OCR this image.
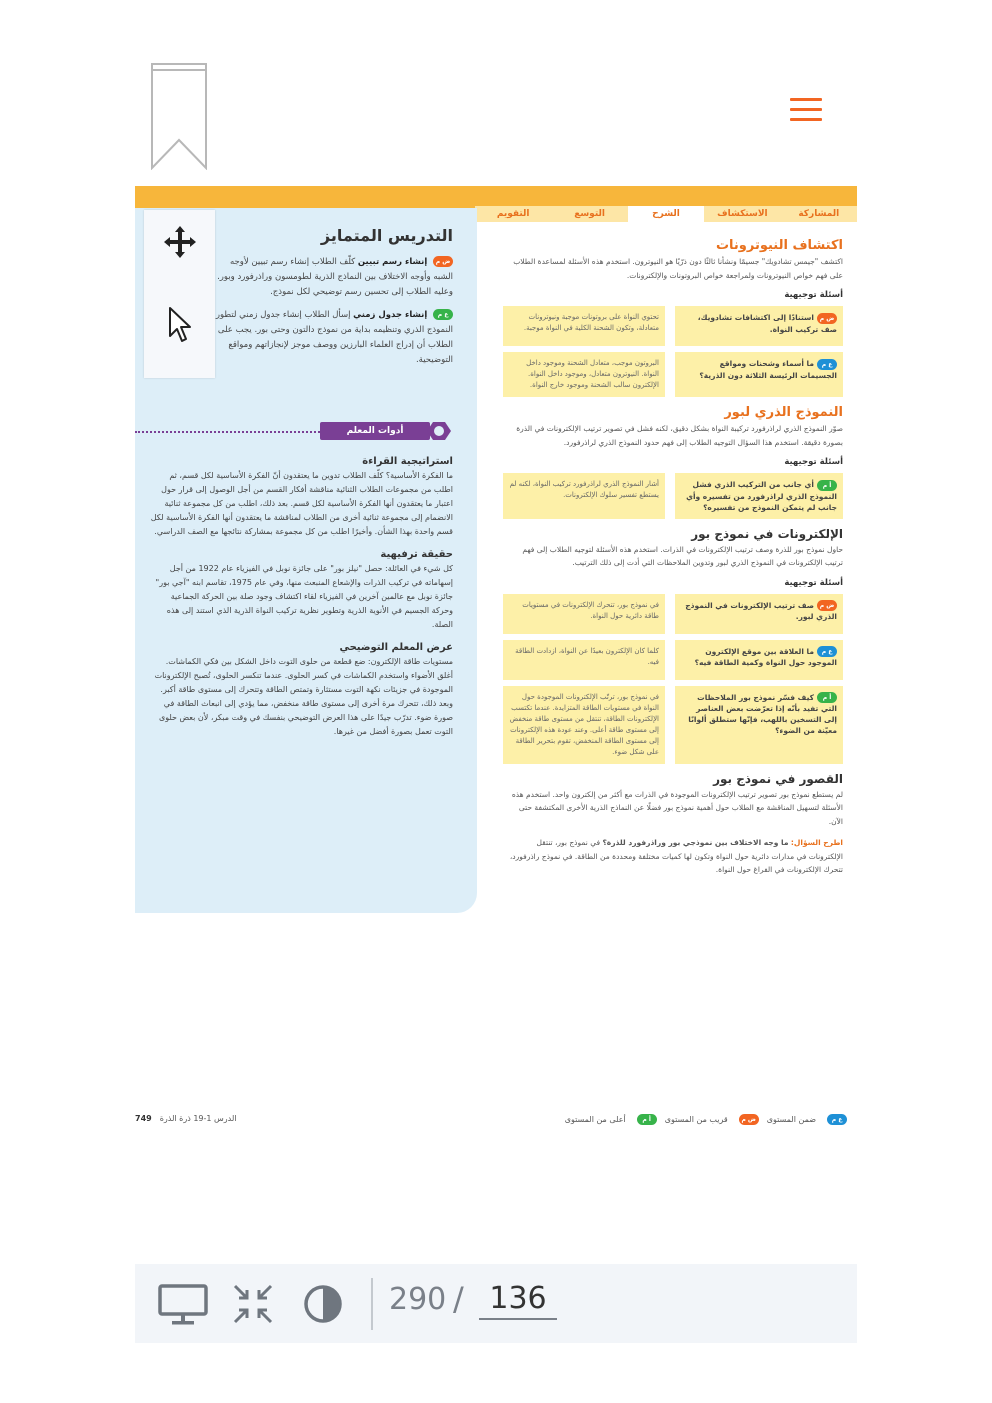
المشاركة
الاستكشاف
الشرح
التوسع
التقويم
التدريس المتمايز
ض م إنشاء رسم تبيين كلّف الطلاب إنشاء رسم تبيين لأوجه الشبه وأوجه الاختلاف بين النماذج الذرية لطومسون وراذرفورد وبور. وعليه الطلاب إلى تحسين رسم توضيحي لكل نموذج.
ع م إنشاء جدول زمني إسأل الطلاب إنشاء جدول زمني لتطور النموذج الذري وتنظيمه بداية من نموذج دالتون وحتى بور. يجب على الطلاب أن إدراج العلماء البارزين ووصف موجز لإنجازاتهم ومواقع التوضيحية.
أدوات المعلم
استراتيجية القراءة
ما الفكرة الأساسية؟ كلّف الطلاب تدوين ما يعتقدون أنّ الفكرة الأساسية لكل قسم، ثم اطلب من مجموعات الطلاب الثنائية مناقشة أفكار القسم من أجل الوصول إلى قرار حول اعتبار ما يعتقدون أنها الفكرة الأساسية لكل قسم. بعد ذلك، اطلب من كل مجموعة ثنائية الانضمام إلى مجموعة ثنائية أخرى من الطلاب لمناقشة ما يعتقدون أنها الفكرة الأساسية لكل قسم واحدة بهذا الشأن. وأخيرًا اطلب من كل مجموعة بمشاركة نتائجها مع الصف الدراسي.
حقيقة ترفيهية
كل شيء في العائلة: حصل "نيلز بور" على جائزة نوبل في الفيزياء عام 1922 من أجل إسهاماته في تركيب الذرات والإشعاع المنبعث منها، وفي عام 1975، تقاسم ابنه "آجي بور" جائزة نوبل مع عالمين آخرين في الفيزياء لقاء اكتشاف وجود صلة بين الحركة الجماعية وحركة الجسيم في الأنوية الذرية وتطوير نظرية تركيب النواة الذرية الذي استند إلى هذه الصلة.
عرض المعلم التوضيحي
مستويات طاقة الإلكترون: ضع قطعة من حلوى التوت داخل الشكل بين فكي الكماشات. أغلق الأضواء واستخدم الكماشات في كسر الحلوى. عندما تنكسر الحلوى، تُصبح الإلكترونات الموجودة في جزيئات نكهة التوت مستثارة وتمتص الطاقة وتتحرك إلى مستوى طاقة أكبر. وبعد ذلك، تتحرك مرة أخرى إلى مستوى طاقة منخفض، مما يؤدي إلى انبعاث الطاقة في صورة ضوء. تدرّب جيدًا على هذا العرض التوضيحي بنفسك في وقت مبكر، لأن بعض حلوى التوت تعمل بصورة أفضل من غيرها.
اكتشاف النيوترونات
اكتشف "جيمس تشادويك" جسيمًا ونشأنا ثالثًا دون ذرّيًا هو النيوترون. استخدم هذه الأسئلة لمساعدة الطلاب على فهم خواص النيوترونات ولمراجعة خواص البروتونات والإلكترونات.
أسئلة توجيهية
ض ماستنادًا إلى اكتشافات تشادويك، صف تركيب النواة.
تحتوي النواة على بروتونات موجبة ونيوترونات متعادلة، وتكون الشحنة الكلية في النواة موجبة.
ع مما أسماء وشحنات ومواقع الجسيمات الرئيسة الثلاثة دون الذرية؟
البروتون موجب، متعادل الشحنة وموجود داخل النواة. النيوترون متعادل، وموجود داخل النواة. الإلكترون سالب الشحنة وموجود خارج النواة.
النموذج الذري لبور
صوّر النموذج الذري لراذرفورد تركيبة النواة بشكل دقيق، لكنه فشل في تصوير ترتيب الإلكترونات في الذرة بصورة دقيقة. استخدم هذا السؤال التوجيه الطلاب إلى فهم حدود النموذج الذري لراذرفورد.
أسئلة توجيهية
أ مأي جانب من التركيب الذري فشل النموذج الذري لراذرفورد من تفسيره وأي جانب لم يتمكن النموذج من تفسيره؟
أشار النموذج الذري لراذرفورد تركيب النواة، لكنه لم يستطع تفسير سلوك الإلكترونات.
الإلكترونات في نموذج بور
حاول نموذج بور للذرة وصف ترتيب الإلكترونات في الذرات. استخدم هذه الأسئلة لتوجيه الطلاب إلى فهم ترتيب الإلكترونات في النموذج الذري لبور وتدوين الملاحظات التي أدت إلى ذلك الترتيب.
أسئلة توجيهية
ض مصف ترتيب الإلكترونات في النموذج الذري لبور.
في نموذج بور، تتحرك الإلكترونات في مستويات طاقة دائرية حول النواة.
ع مما العلاقة بين موقع الإلكترون الموجود حول النواة وكمية الطاقة فيه؟
كلما كان الإلكترون بعيدًا عن النواة، ازدادت الطاقة فيه.
أ مكيف فسّر نموذج بور الملاحظات التي تفيد بأنّه إذا تعرّضت بعض العناصر إلى التسخين باللهب، فإنّها ستطلق ألوانًا معيّنة من الضوء؟
في نموذج بور، ترتّب الإلكترونات الموجودة حول النواة في مستويات الطاقة المتزايدة. عندما تكتسب الإلكترونات الطاقة، تنتقل من مستوى طاقة منخفض إلى مستوى طاقة أعلى. وعند عودة هذه الإلكترونات إلى مستوى الطاقة المنخفض، تقوم بتحرير الطاقة على شكل ضوء.
القصور في نموذج بور
لم يستطع نموذج بور تصوير ترتيب الإلكترونات الموجودة في الذرات مع أكثر من إلكترون واحد. استخدم هذه الأسئلة لتسهيل المناقشة مع الطلاب حول أهمية نموذج بور فضلًا عن النماذج الذرية الأخرى المكتشفة حتى الآن.
اطرح السؤال: ما وجه الاختلاف بين نموذجي بور وراذرفورد للذرة؟ في نموذج بور، تنتقل الإلكترونات في مدارات دائرية حول النواة وتكون لها كميات مختلفة ومحددة من الطاقة. في نموذج راذرفورد، تتحرك الإلكترونات في الفراغ حول النواة.
749 الدرس 1-19 ذرة الذرة	ع م
ضمن المستوى
ض م
قريب من المستوى
أ م
أعلى من المستوى
290 /
136
